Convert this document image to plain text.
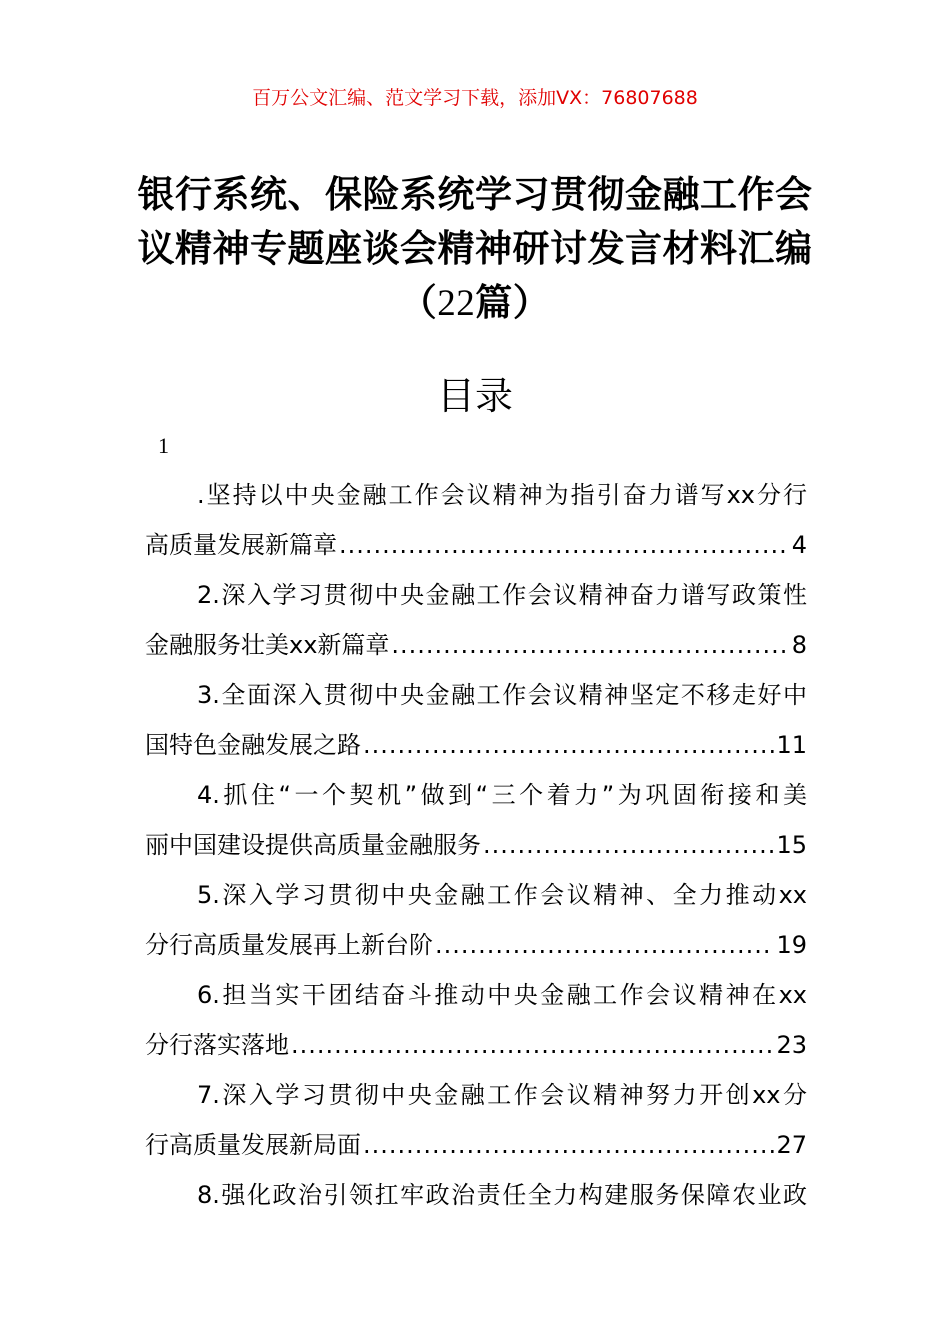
百万公文汇编、范文学习下载，添加VX：76807688
银行系统、保险系统学习贯彻金融工作会
议精神专题座谈会精神研讨发言材料汇编
（22篇）
目录
1
.坚持以中央金融工作会议精神为指引奋力谱写xx分行
高质量发展新篇章 .....	4
2.深入学习贯彻中央金融工作会议精神奋力谱写政策性
金融服务壮美xx新篇章 .....	8
3.全面深入贯彻中央金融工作会议精神坚定不移走好中
国特色金融发展之路 .....	11
4.抓住“一个契机”做到“三个着力”为巩固衔接和美
丽中国建设提供高质量金融服务 .....	15
5.深入学习贯彻中央金融工作会议精神、全力推动xx
分行高质量发展再上新台阶 .....	19
6.担当实干团结奋斗推动中央金融工作会议精神在xx
分行落实落地 .....	23
7.深入学习贯彻中央金融工作会议精神努力开创xx分
行高质量发展新局面 .....	27
8.强化政治引领扛牢政治责任全力构建服务保障农业政
